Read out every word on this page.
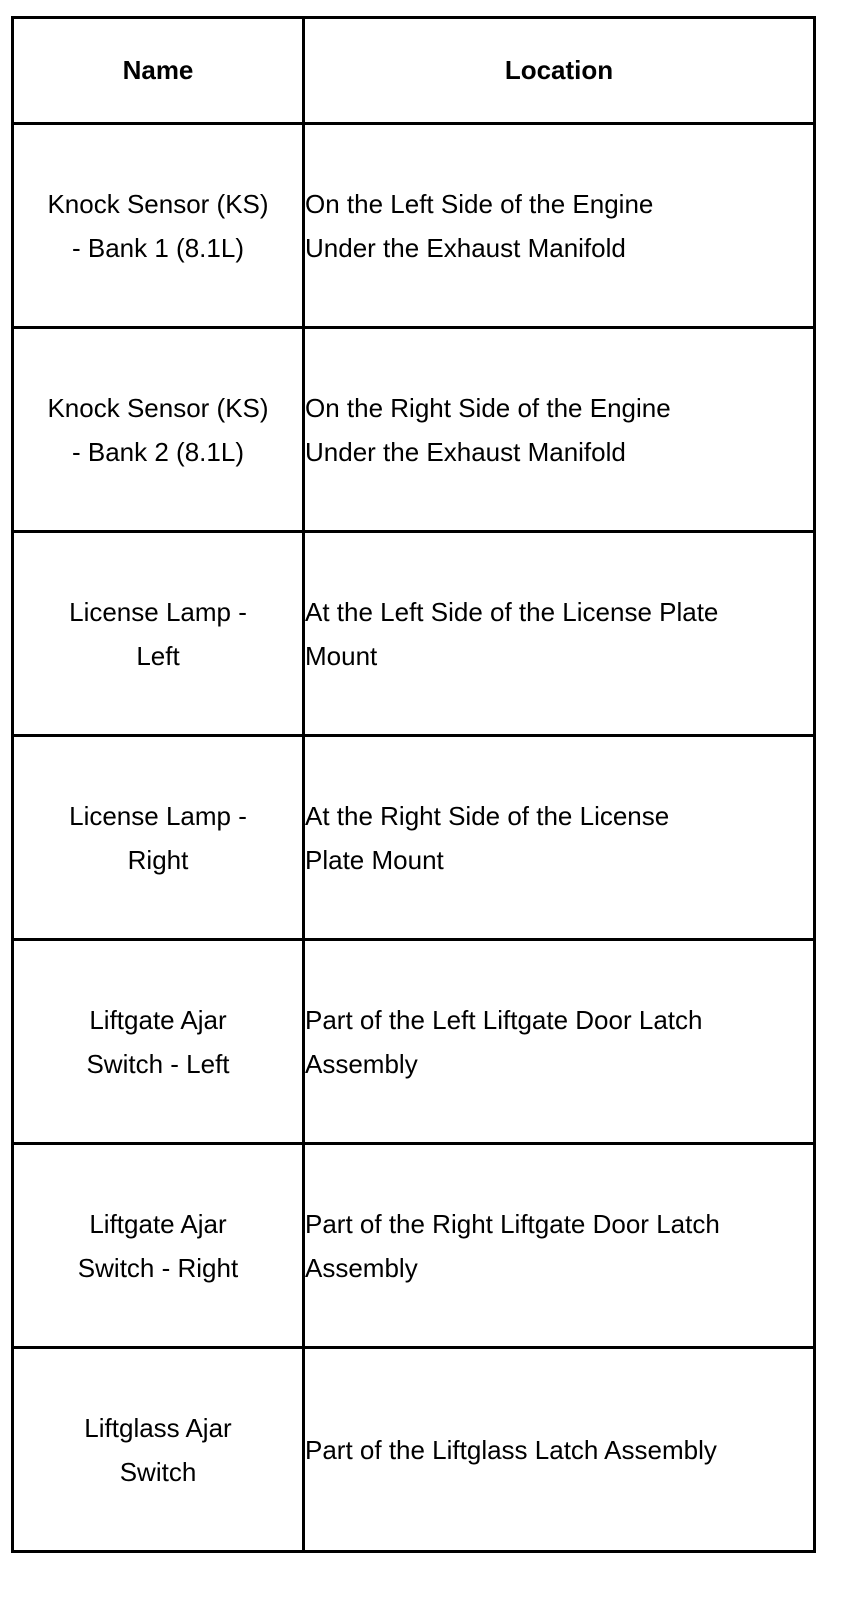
Name	Location

Knock Sensor (KS)
- Bank 1 (8.1L)	On the Left Side of the Engine
Under the Exhaust Manifold

Knock Sensor (KS)
- Bank 2 (8.1L)	On the Right Side of the Engine
Under the Exhaust Manifold

License Lamp -
Left	At the Left Side of the License Plate
Mount

License Lamp -
Right	At the Right Side of the License
Plate Mount

Liftgate Ajar
Switch - Left	Part of the Left Liftgate Door Latch
Assembly

Liftgate Ajar
Switch - Right	Part of the Right Liftgate Door Latch
Assembly

Liftglass Ajar
Switch	Part of the Liftglass Latch Assembly
